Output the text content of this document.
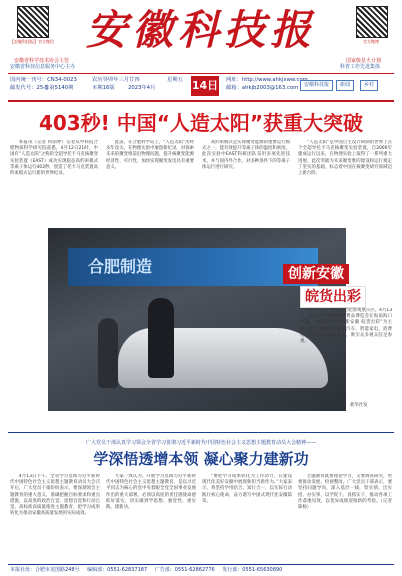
【安徽科技报】官方微信	官方微博
安徽科技报
安徽省科学技术协会主管
安徽省科技信息服务中心主办
国家级星火计划
科普工作先进集体
国内统一刊号：CN34-0023
邮发代号：25-5
总第5140期
农历癸卯年三月廿四
本期16版	2023年4月
星期五 14日 网址：http://www.ahkjxww.com
邮箱：ahkjb2003@163.com	安徽科技报	新闻	乡村
403秒! 中国“人造太阳”获重大突破

本报讯（记者 何雨婷）记者从中科院合肥物质科学研究院获悉，4月12日21时，中国有“人造太阳”之称的全超导托卡马克核聚变实验装置（EAST）成功实现稳态高约束模式等离子体运行403秒，创造了托卡马克装置高约束模式运行新的世界纪录。

此前，在合肥科学岛上，“人造太阳”历经多年攻关，在物理实验中屡创新纪录，对探索未来的聚变堆前沿物理问题，提升核聚变能源经济性、可行性，加快实现聚变发电具有重要意义。

高约束模式是实现聚变能源的重要运行模式之一，能有效提升等离子体的温度和密度。此次实验中EAST科研团队采用多项先进技术，并与国内外合作，对多种条件下的等离子体运行进行研究。

“人造太阳”是中国自主设计研制的世界上首个全超导托卡马克核聚变实验装置，自2006年建成运行以来，在物理实验上取得了一系列重大进展。此次突破为未来聚变堆的建设和运行奠定了坚实的基础，标志着中国在核聚变研究领域迈上新台阶。

合肥制造	创新安徽
皖货出彩

4月13日，观众在合肥参观展示区。4月13日，第六届中国国际消费品博览会在海南海口开幕。安徽展区以“创新安徽 皖货出彩”为主题，展示安徽在新能源汽车、智能家电、消费电子等领域的最新成果，吸引众多观众驻足参观。

新华社发
广大党员干部认真学习领会全省学习贯彻习近平新时代中国特色社会主义思想主题教育动员大会精神——
学深悟透增本领 凝心聚力建新功

4月13日下午，全省学习贯彻习近平新时代中国特色社会主义思想主题教育动员大会召开后，广大党员干部纷纷表示，要深刻领会主题教育的重大意义，准确把握目标要求和重点措施，以高度的政治自觉、思想自觉和行动自觉，高标准高质量推进主题教育，把学习成果转化为推动安徽高质量发展的实际成效。

大家一致认为，开展学习贯彻习近平新时代中国特色社会主义思想主题教育，是以习近平同志为核心的党中央着眼全党全国事业发展作出的重大部署，必须以高度的责任感使命感抓好落实，切实做到学思想、强党性、重实践、建新功。

“要把学习成果转化为工作动力，在建设现代化美好安徽中展现新担当新作为。”大家表示，将坚持学用结合、知行合一，以实际行动践行初心使命，奋力谱写中国式现代化安徽篇章。

主题教育既要理论学习，又要调查研究，更要推动发展、检视整改。广大党员干部表示，要坚持问题导向，深入基层一线，察实情、出实招、办实事，以学促干、真抓实干，推动各项工作落地见效，以优异成绩迎接新的考验。（记者 陈杨）

本报社址：合肥市龙图路248号 编辑部：0551-62837187 广告部：0551-62862776 发行部：0551-65630890
